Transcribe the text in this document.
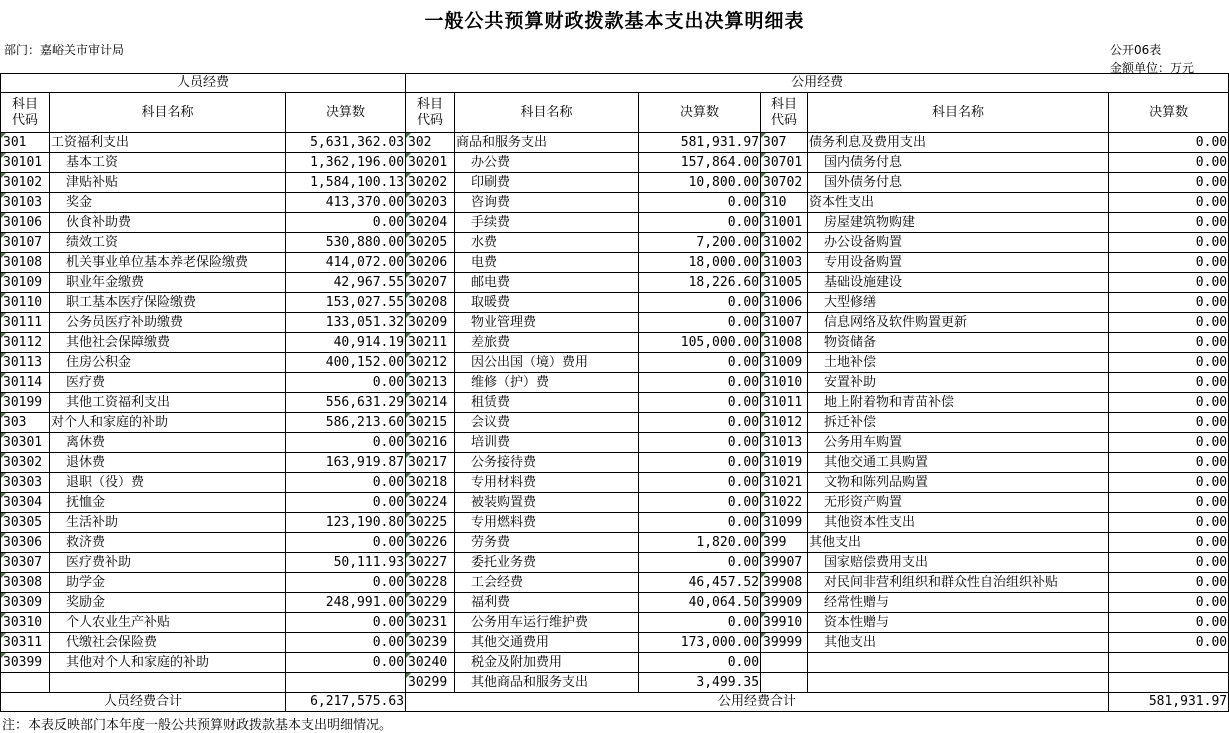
一般公共预算财政拨款基本支出决算明细表
部门：嘉峪关市审计局	公开06表
金额单位：万元
人员经费			公用经费					
科目
代码	科目名称	决算数	科目
代码	科目名称	决算数	科目
代码	科目名称	决算数
301	工资福利支出	5,631,362.03	302	商品和服务支出	581,931.97	307	债务利息及费用支出	0.00
30101	基本工资	1,362,196.00	30201	办公费	157,864.00	30701	国内债务付息	0.00
30102	津贴补贴	1,584,100.13	30202	印刷费	10,800.00	30702	国外债务付息	0.00
30103	奖金	413,370.00	30203	咨询费	0.00	310	资本性支出	0.00
30106	伙食补助费	0.00	30204	手续费	0.00	31001	房屋建筑物购建	0.00
30107	绩效工资	530,880.00	30205	水费	7,200.00	31002	办公设备购置	0.00
30108	机关事业单位基本养老保险缴费	414,072.00	30206	电费	18,000.00	31003	专用设备购置	0.00
30109	职业年金缴费	42,967.55	30207	邮电费	18,226.60	31005	基础设施建设	0.00
30110	职工基本医疗保险缴费	153,027.55	30208	取暖费	0.00	31006	大型修缮	0.00
30111	公务员医疗补助缴费	133,051.32	30209	物业管理费	0.00	31007	信息网络及软件购置更新	0.00
30112	其他社会保障缴费	40,914.19	30211	差旅费	105,000.00	31008	物资储备	0.00
30113	住房公积金	400,152.00	30212	因公出国（境）费用	0.00	31009	土地补偿	0.00
30114	医疗费	0.00	30213	维修（护）费	0.00	31010	安置补助	0.00
30199	其他工资福利支出	556,631.29	30214	租赁费	0.00	31011	地上附着物和青苗补偿	0.00
303	对个人和家庭的补助	586,213.60	30215	会议费	0.00	31012	拆迁补偿	0.00
30301	离休费	0.00	30216	培训费	0.00	31013	公务用车购置	0.00
30302	退休费	163,919.87	30217	公务接待费	0.00	31019	其他交通工具购置	0.00
30303	退职（役）费	0.00	30218	专用材料费	0.00	31021	文物和陈列品购置	0.00
30304	抚恤金	0.00	30224	被装购置费	0.00	31022	无形资产购置	0.00
30305	生活补助	123,190.80	30225	专用燃料费	0.00	31099	其他资本性支出	0.00
30306	救济费	0.00	30226	劳务费	1,820.00	399	其他支出	0.00
30307	医疗费补助	50,111.93	30227	委托业务费	0.00	39907	国家赔偿费用支出	0.00
30308	助学金	0.00	30228	工会经费	46,457.52	39908	对民间非营利组织和群众性自治组织补贴	0.00
30309	奖励金	248,991.00	30229	福利费	40,064.50	39909	经常性赠与	0.00
30310	个人农业生产补贴	0.00	30231	公务用车运行维护费	0.00	39910	资本性赠与	0.00
30311	代缴社会保险费	0.00	30239	其他交通费用	173,000.00	39999	其他支出	0.00
30399	其他对个人和家庭的补助	0.00	30240	税金及附加费用	0.00			
			30299	其他商品和服务支出	3,499.35			
人员经费合计		6,217,575.63	公用经费合计					581,931.97
注：本表反映部门本年度一般公共预算财政拨款基本支出明细情况。
